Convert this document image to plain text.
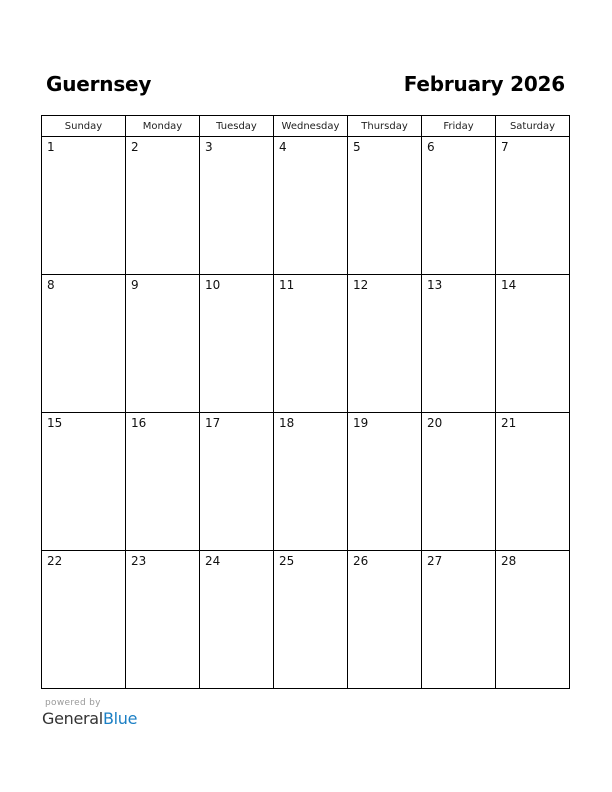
Guernsey	February 2026
Sunday	Monday	Tuesday	Wednesday	Thursday	Friday	Saturday

1	2	3	4	5	6	7

8	9	10	11	12	13	14

15	16	17	18	19	20	21

22	23	24	25	26	27	28
powered by
GeneralBlue
